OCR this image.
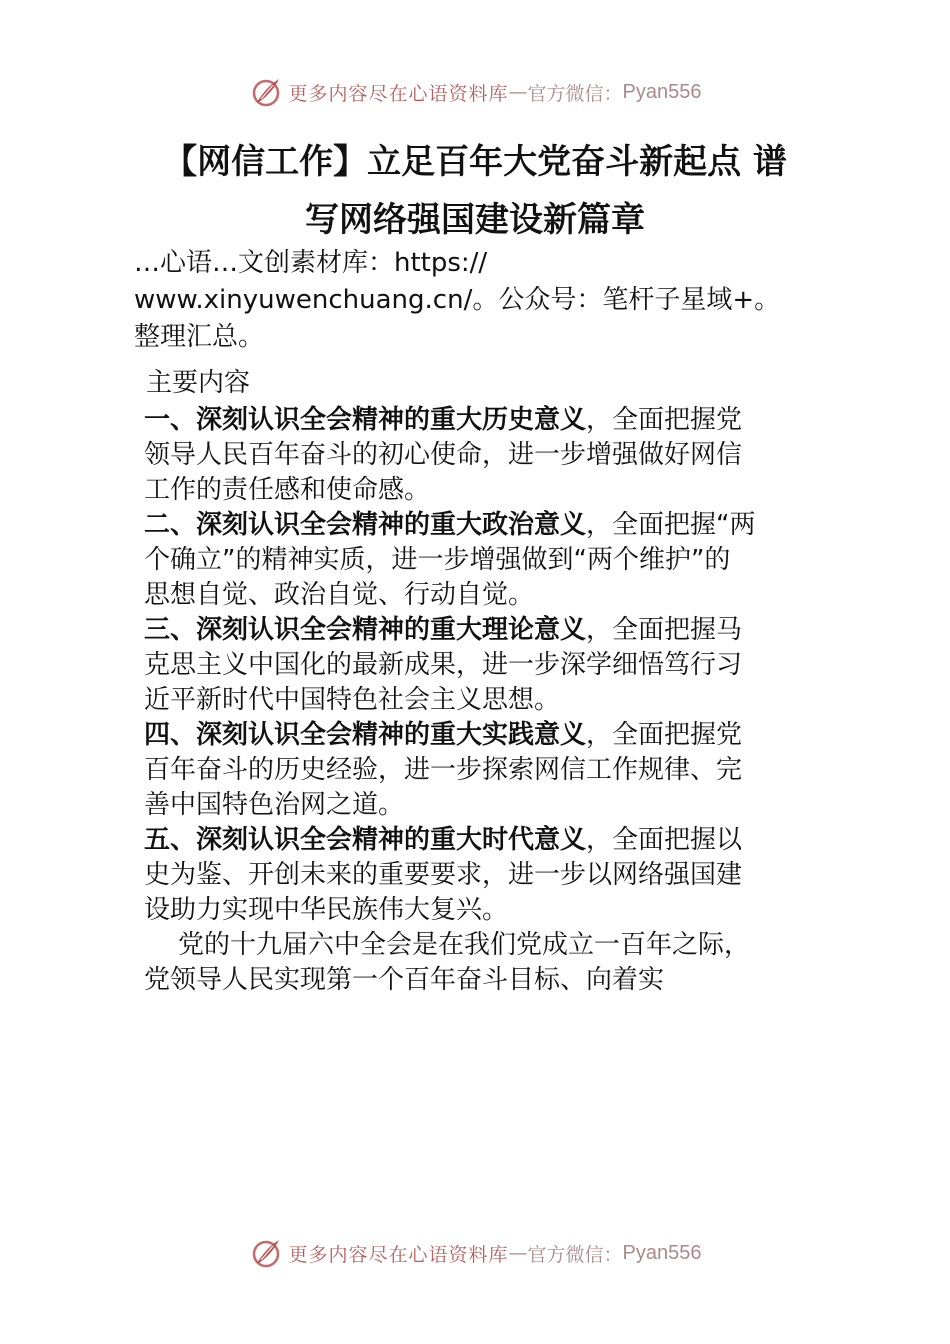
更多内容尽在心语资料库 — 官方微信： Pyan556
【网信工作】立足百年大党奋斗新起点 谱
写网络强国建设新篇章
…心语…文创素材库：https://
www.xinyuwenchuang.cn/。公众号：笔杆子星域+。
整理汇总。
主要内容
一、深刻认识全会精神的重大历史意义，全面把握党
领导人民百年奋斗的初心使命，进一步增强做好网信
工作的责任感和使命感。
二、深刻认识全会精神的重大政治意义，全面把握“两
个确立”的精神实质，进一步增强做到“两个维护”的
思想自觉、政治自觉、行动自觉。
三、深刻认识全会精神的重大理论意义，全面把握马
克思主义中国化的最新成果，进一步深学细悟笃行习
近平新时代中国特色社会主义思想。
四、深刻认识全会精神的重大实践意义，全面把握党
百年奋斗的历史经验，进一步探索网信工作规律、完
善中国特色治网之道。
五、深刻认识全会精神的重大时代意义，全面把握以
史为鉴、开创未来的重要要求，进一步以网络强国建
设助力实现中华民族伟大复兴。
党的十九届六中全会是在我们党成立一百年之际，
党领导人民实现第一个百年奋斗目标、向着实
更多内容尽在心语资料库 — 官方微信： Pyan556
